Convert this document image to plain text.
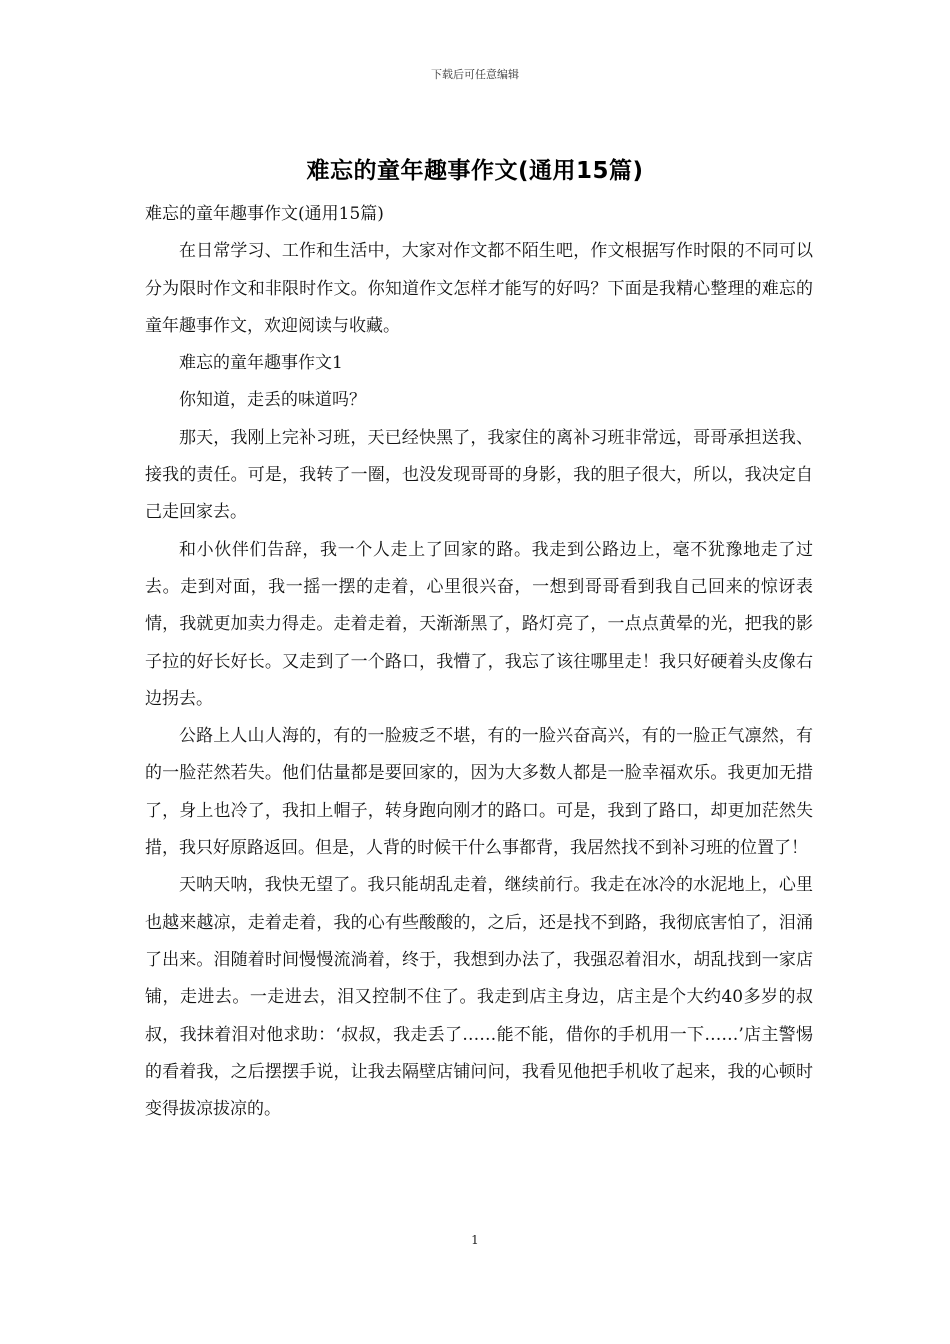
下载后可任意编辑
难忘的童年趣事作文(通用15篇)

难忘的童年趣事作文(通用15篇)

在日常学习、工作和生活中，大家对作文都不陌生吧，作文根据写作时限的不同可以分为限时作文和非限时作文。你知道作文怎样才能写的好吗？下面是我精心整理的难忘的童年趣事作文，欢迎阅读与收藏。

难忘的童年趣事作文1

你知道，走丢的味道吗？

那天，我刚上完补习班，天已经快黑了，我家住的离补习班非常远，哥哥承担送我、接我的责任。可是，我转了一圈，也没发现哥哥的身影，我的胆子很大，所以，我决定自己走回家去。

和小伙伴们告辞，我一个人走上了回家的路。我走到公路边上，毫不犹豫地走了过去。走到对面，我一摇一摆的走着，心里很兴奋，一想到哥哥看到我自己回来的惊讶表情，我就更加卖力得走。走着走着，天渐渐黑了，路灯亮了，一点点黄晕的光，把我的影子拉的好长好长。又走到了一个路口，我懵了，我忘了该往哪里走！我只好硬着头皮像右边拐去。

公路上人山人海的，有的一脸疲乏不堪，有的一脸兴奋高兴，有的一脸正气凛然，有的一脸茫然若失。他们估量都是要回家的，因为大多数人都是一脸幸福欢乐。我更加无措了，身上也冷了，我扣上帽子，转身跑向刚才的路口。可是，我到了路口，却更加茫然失措，我只好原路返回。但是，人背的时候干什么事都背，我居然找不到补习班的位置了！

天呐天呐，我快无望了。我只能胡乱走着，继续前行。我走在冰冷的水泥地上，心里也越来越凉，走着走着，我的心有些酸酸的，之后，还是找不到路，我彻底害怕了，泪涌了出来。泪随着时间慢慢流淌着，终于，我想到办法了，我强忍着泪水，胡乱找到一家店铺，走进去。一走进去，泪又控制不住了。我走到店主身边，店主是个大约40多岁的叔叔，我抹着泪对他求助：‘叔叔，我走丢了……能不能，借你的手机用一下……’店主警惕的看着我，之后摆摆手说，让我去隔壁店铺问问，我看见他把手机收了起来，我的心顿时变得拔凉拔凉的。

1
